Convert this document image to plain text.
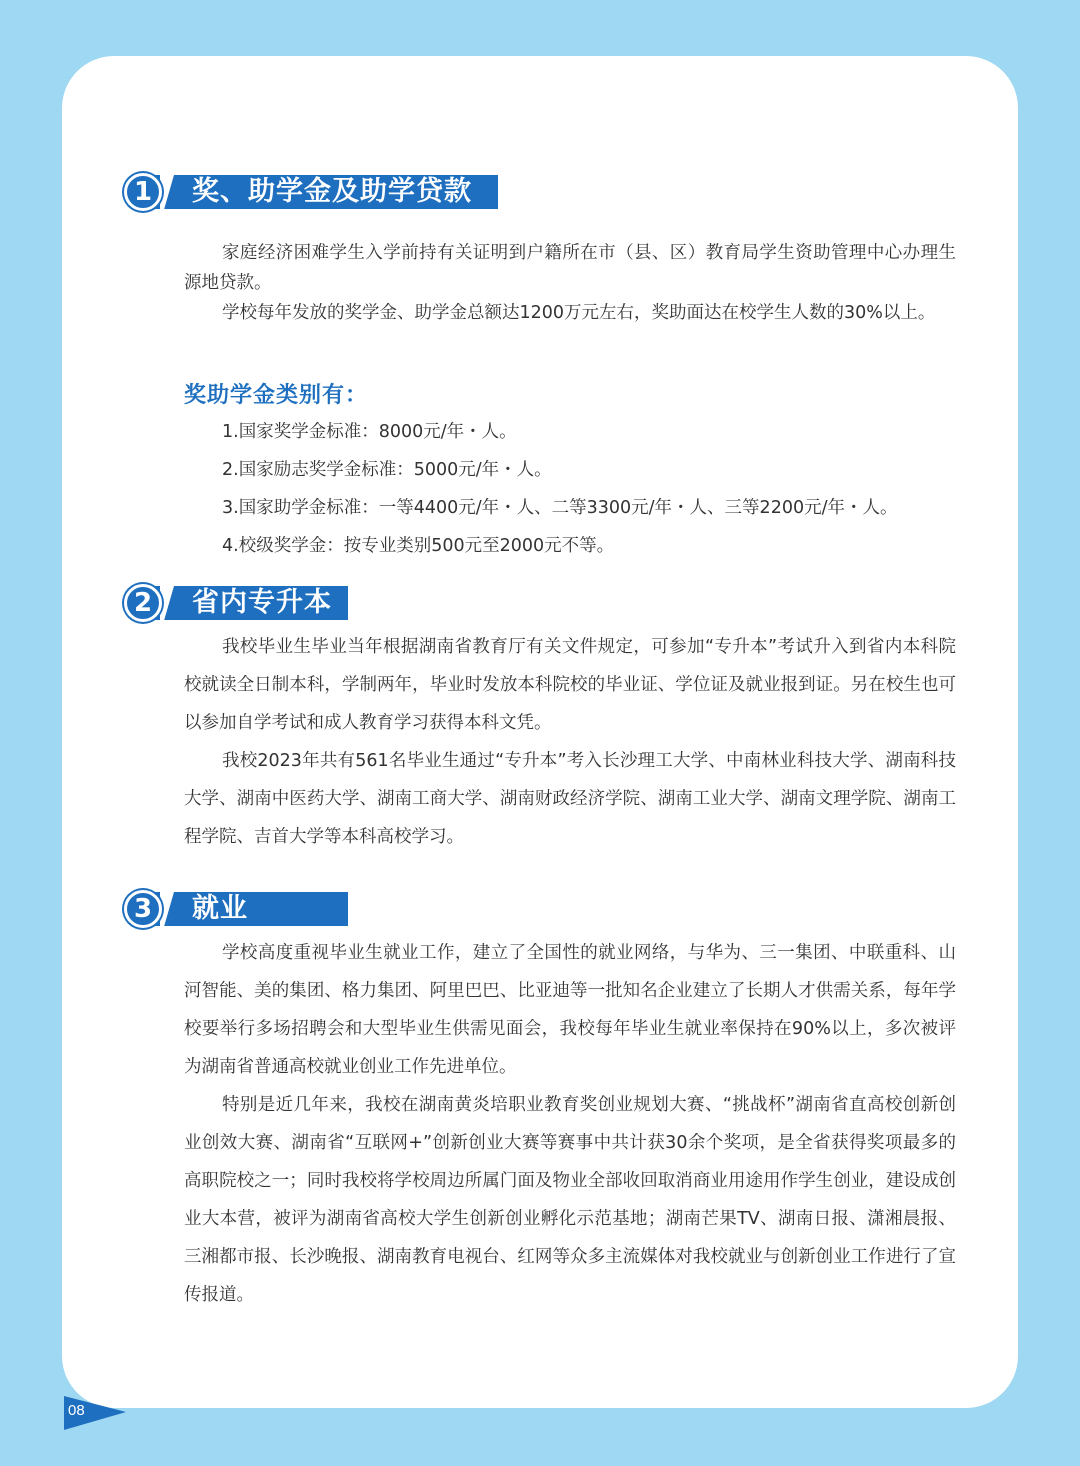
1	奖、助学金及助学贷款

家庭经济困难学生入学前持有关证明到户籍所在市（县、区）教育局学生资助管理中心办理生源地贷款。

学校每年发放的奖学金、助学金总额达1200万元左右，奖助面达在校学生人数的30%以上。

奖助学金类别有：
1.国家奖学金标准：8000元/年・人。
2.国家励志奖学金标准：5000元/年・人。
3.国家助学金标准：一等4400元/年・人、二等3300元/年・人、三等2200元/年・人。
4.校级奖学金：按专业类别500元至2000元不等。
2	省内专升本

我校毕业生毕业当年根据湖南省教育厅有关文件规定，可参加“专升本”考试升入到省内本科院校就读全日制本科，学制两年，毕业时发放本科院校的毕业证、学位证及就业报到证。另在校生也可以参加自学考试和成人教育学习获得本科文凭。

我校2023年共有561名毕业生通过“专升本”考入长沙理工大学、中南林业科技大学、湖南科技大学、湖南中医药大学、湖南工商大学、湖南财政经济学院、湖南工业大学、湖南文理学院、湖南工程学院、吉首大学等本科高校学习。

3	就业

学校高度重视毕业生就业工作，建立了全国性的就业网络，与华为、三一集团、中联重科、山河智能、美的集团、格力集团、阿里巴巴、比亚迪等一批知名企业建立了长期人才供需关系，每年学校要举行多场招聘会和大型毕业生供需见面会，我校每年毕业生就业率保持在90%以上，多次被评为湖南省普通高校就业创业工作先进单位。

特别是近几年来，我校在湖南黄炎培职业教育奖创业规划大赛、“挑战杯”湖南省直高校创新创业创效大赛、湖南省“互联网+”创新创业大赛等赛事中共计获30余个奖项，是全省获得奖项最多的高职院校之一；同时我校将学校周边所属门面及物业全部收回取消商业用途用作学生创业，建设成创业大本营，被评为湖南省高校大学生创新创业孵化示范基地；湖南芒果TV、湖南日报、潇湘晨报、三湘都市报、长沙晚报、湖南教育电视台、红网等众多主流媒体对我校就业与创新创业工作进行了宣传报道。

08
